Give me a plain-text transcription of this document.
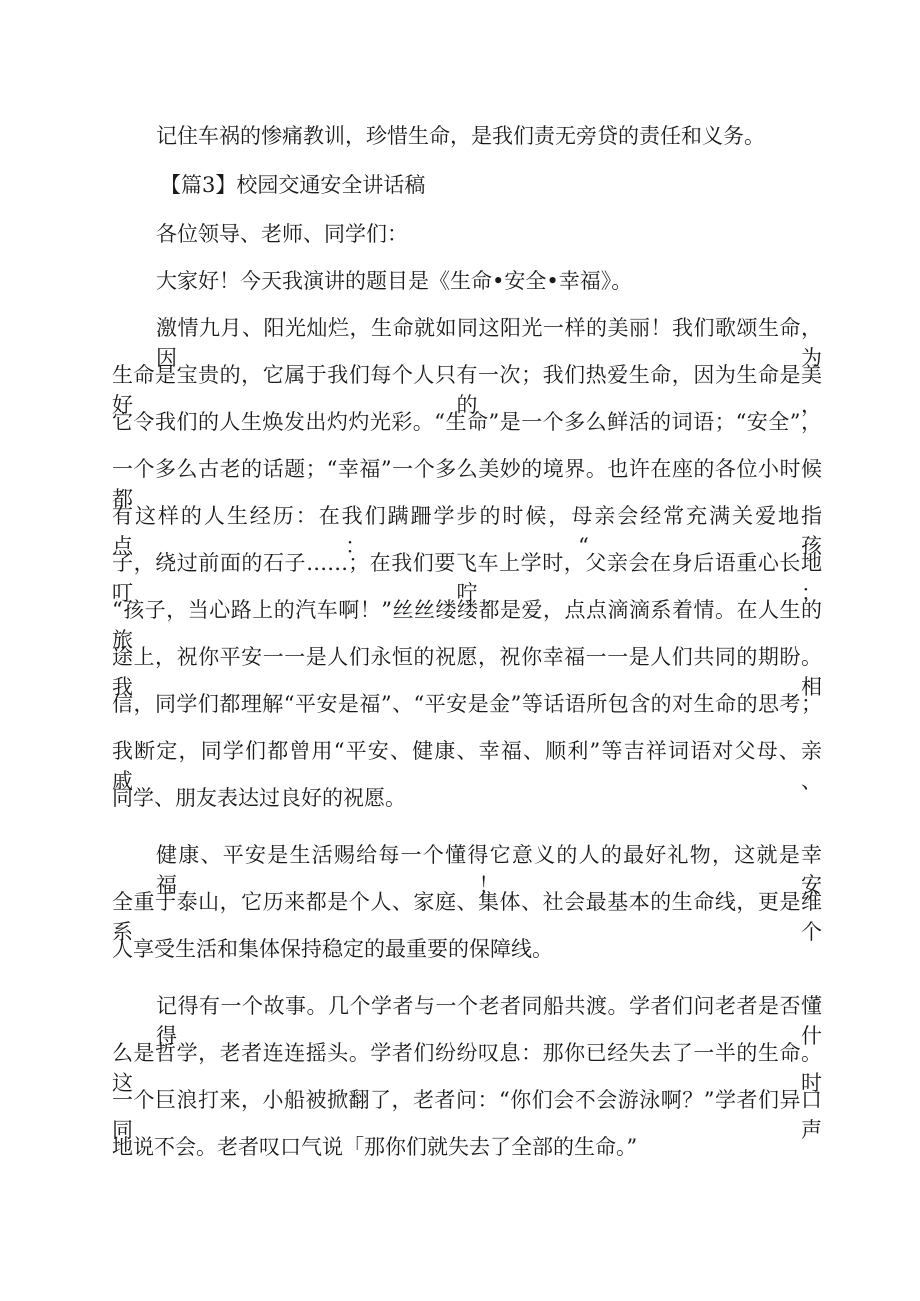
记住车祸的惨痛教训，珍惜生命，是我们责无旁贷的责任和义务。
【篇3】校园交通安全讲话稿
各位领导、老师、同学们：
大家好！今天我演讲的题目是《生命•安全•幸福》。
激情九月、阳光灿烂，生命就如同这阳光一样的美丽！我们歌颂生命，因为
生命是宝贵的，它属于我们每个人只有一次；我们热爱生命，因为生命是美好的，
它令我们的人生焕发出灼灼光彩。“生命”是一个多么鲜活的词语；“安全”，
一个多么古老的话题；“幸福”一个多么美妙的境界。也许在座的各位小时候都
有这样的人生经历：在我们蹒跚学步的时候，母亲会经常充满关爱地指点：“孩
子，绕过前面的石子……；在我们要飞车上学时，父亲会在身后语重心长地叮咛：
“孩子，当心路上的汽车啊！”丝丝缕缕都是爱，点点滴滴系着情。在人生的旅
途上，祝你平安一一是人们永恒的祝愿，祝你幸福一一是人们共同的期盼。我相
信，同学们都理解“平安是福”、“平安是金”等话语所包含的对生命的思考；
我断定，同学们都曾用“平安、健康、幸福、顺利”等吉祥词语对父母、亲戚、
同学、朋友表达过良好的祝愿。
健康、平安是生活赐给每一个懂得它意义的人的最好礼物，这就是幸福！安
全重于泰山，它历来都是个人、家庭、集体、社会最基本的生命线，更是维系个
人享受生活和集体保持稳定的最重要的保障线。
记得有一个故事。几个学者与一个老者同船共渡。学者们问老者是否懂得什
么是哲学，老者连连摇头。学者们纷纷叹息：那你已经失去了一半的生命。这时
一个巨浪打来，小船被掀翻了，老者问：“你们会不会游泳啊？”学者们异口同声
地说不会。老者叹口气说「那你们就失去了全部的生命。”
